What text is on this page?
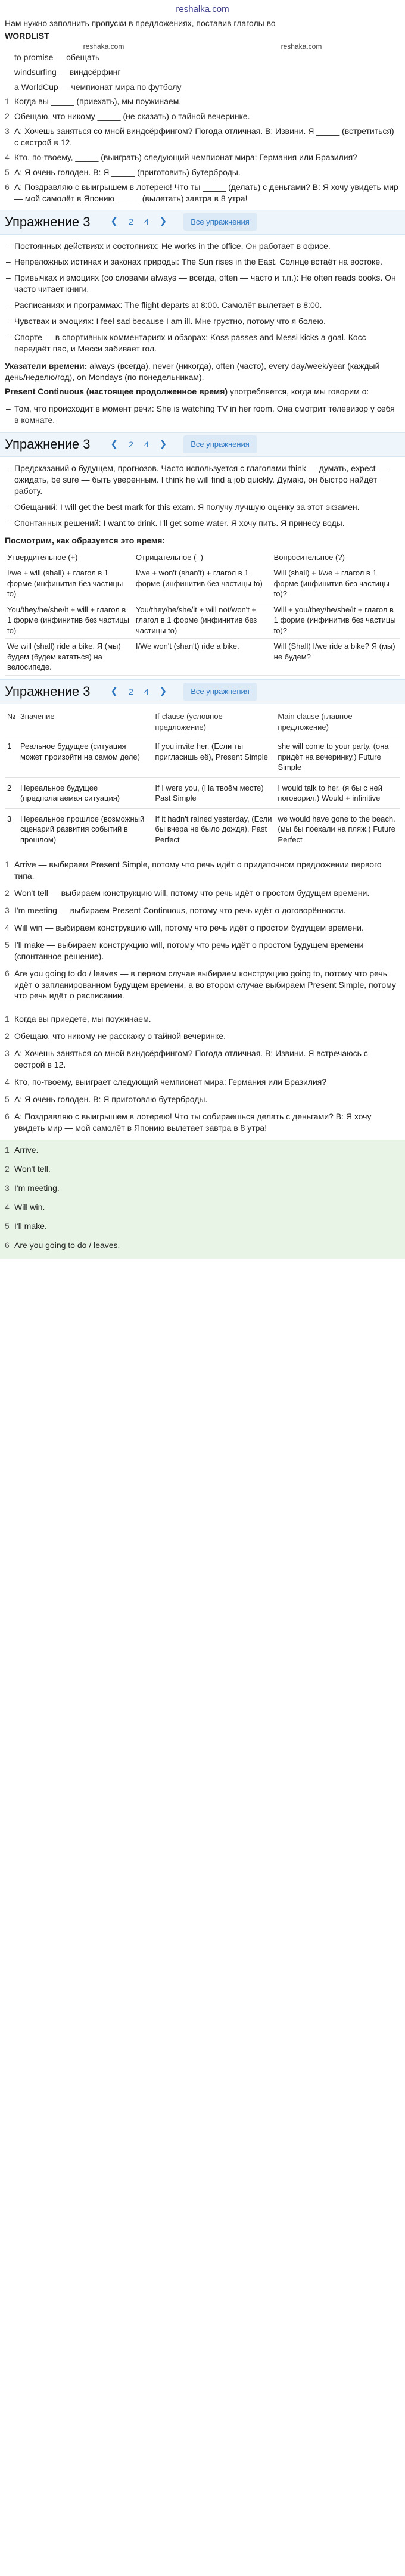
reshalka.com
Нам нужно заполнить пропуски в предложениях, поставив глаголы во
WORDLIST
reshaka.com	reshaka.com
to promise — обещать
windsurfing — виндсёрфинг
a WorldCup — чемпионат мира по футболу
1 Когда вы _____ (приехать), мы поужинаем.
2 Обещаю, что никому _____ (не сказать) о тайной вечеринке.
3 A: Хочешь заняться со мной виндсёрфингом? Погода отличная. B: Извини. Я _____ (встретиться) с сестрой в 12.
4 Кто, по-твоему, _____ (выиграть) следующий чемпионат мира: Германия или Бразилия?
5 A: Я очень голоден. B: Я _____ (приготовить) бутерброды.
6 A: Поздравляю с выигрышем в лотерею! Что ты _____ (делать) с деньгами? B: Я хочу увидеть мир — мой самолёт в Японию _____ (вылетать) завтра в 8 утра!
Упражнение 3	❮	2	4	❯	Все упражнения
– Постоянных действиях и состояниях: He works in the office. Он работает в офисе.
– Непреложных истинах и законах природы: The Sun rises in the East. Солнце встаёт на востоке.
– Привычках и эмоциях (со словами always — всегда, often — часто и т.п.): He often reads books. Он часто читает книги.
– Расписаниях и программах: The flight departs at 8:00. Самолёт вылетает в 8:00.
– Чувствах и эмоциях: I feel sad because I am ill. Мне грустно, потому что я болею.
– Спорте — в спортивных комментариях и обзорах: Koss passes and Messi kicks a goal. Косс передаёт пас, и Месси забивает гол.
Указатели времени: always (всегда), never (никогда), often (часто), every day/week/year (каждый день/неделю/год), on Mondays (по понедельникам).
Present Continuous (настоящее продолженное время) употребляется, когда мы говорим о:
– Том, что происходит в момент речи: She is watching TV in her room. Она смотрит телевизор у себя в комнате.
Упражнение 3	❮	2	4	❯	Все упражнения
– Предсказаний о будущем, прогнозов. Часто используется с глаголами think — думать, expect — ожидать, be sure — быть уверенным. I think he will find a job quickly. Думаю, он быстро найдёт работу.
– Обещаний: I will get the best mark for this exam. Я получу лучшую оценку за этот экзамен.
– Спонтанных решений: I want to drink. I'll get some water. Я хочу пить. Я принесу воды.
Посмотрим, как образуется это время:
Утвердительное (+)	Отрицательное (–)	Вопросительное (?)
I/we + will (shall) + глагол в 1 форме (инфинитив без частицы to)	I/we + won't (shan't) + глагол в 1 форме (инфинитив без частицы to)	Will (shall) + I/we + глагол в 1 форме (инфинитив без частицы to)?
You/they/he/she/it + will + глагол в 1 форме (инфинитив без частицы to)	You/they/he/she/it + will not/won't + глагол в 1 форме (инфинитив без частицы to)	Will + you/they/he/she/it + глагол в 1 форме (инфинитив без частицы to)?
We will (shall) ride a bike. Я (мы) будем (будем кататься) на велосипеде.	I/We won't (shan't) ride a bike.	Will (Shall) I/we ride a bike? Я (мы) не будем?
Упражнение 3	❮	2	4	❯	Все упражнения
№	Значение	If-clause (условное предложение)	Main clause (главное предложение)
1	Реальное будущее (ситуация может произойти на самом деле)	If you invite her, (Если ты пригласишь её), Present Simple	she will come to your party. (она придёт на вечеринку.) Future Simple
2	Нереальное будущее (предполагаемая ситуация)	If I were you, (На твоём месте) Past Simple	I would talk to her. (я бы с ней поговорил.) Would + infinitive
3	Нереальное прошлое (возможный сценарий развития событий в прошлом)	If it hadn't rained yesterday, (Если бы вчера не было дождя), Past Perfect	we would have gone to the beach. (мы бы поехали на пляж.) Future Perfect
1 Arrive — выбираем Present Simple, потому что речь идёт о придаточном предложении первого типа.
2 Won't tell — выбираем конструкцию will, потому что речь идёт о простом будущем времени.
3 I'm meeting — выбираем Present Continuous, потому что речь идёт о договорённости.
4 Will win — выбираем конструкцию will, потому что речь идёт о простом будущем времени.
5 I'll make — выбираем конструкцию will, потому что речь идёт о простом будущем времени (спонтанное решение).
6 Are you going to do / leaves — в первом случае выбираем конструкцию going to, потому что речь идёт о запланированном будущем времени, а во втором случае выбираем Present Simple, потому что речь идёт о расписании.
1 Когда вы приедете, мы поужинаем.
2 Обещаю, что никому не расскажу о тайной вечеринке.
3 A: Хочешь заняться со мной виндсёрфингом? Погода отличная. B: Извини. Я встречаюсь с сестрой в 12.
4 Кто, по-твоему, выиграет следующий чемпионат мира: Германия или Бразилия?
5 A: Я очень голоден. B: Я приготовлю бутерброды.
6 A: Поздравляю с выигрышем в лотерею! Что ты собираешься делать с деньгами? B: Я хочу увидеть мир — мой самолёт в Японию вылетает завтра в 8 утра!
1 Arrive.
2 Won't tell.
3 I'm meeting.
4 Will win.
5 I'll make.
6 Are you going to do / leaves.
